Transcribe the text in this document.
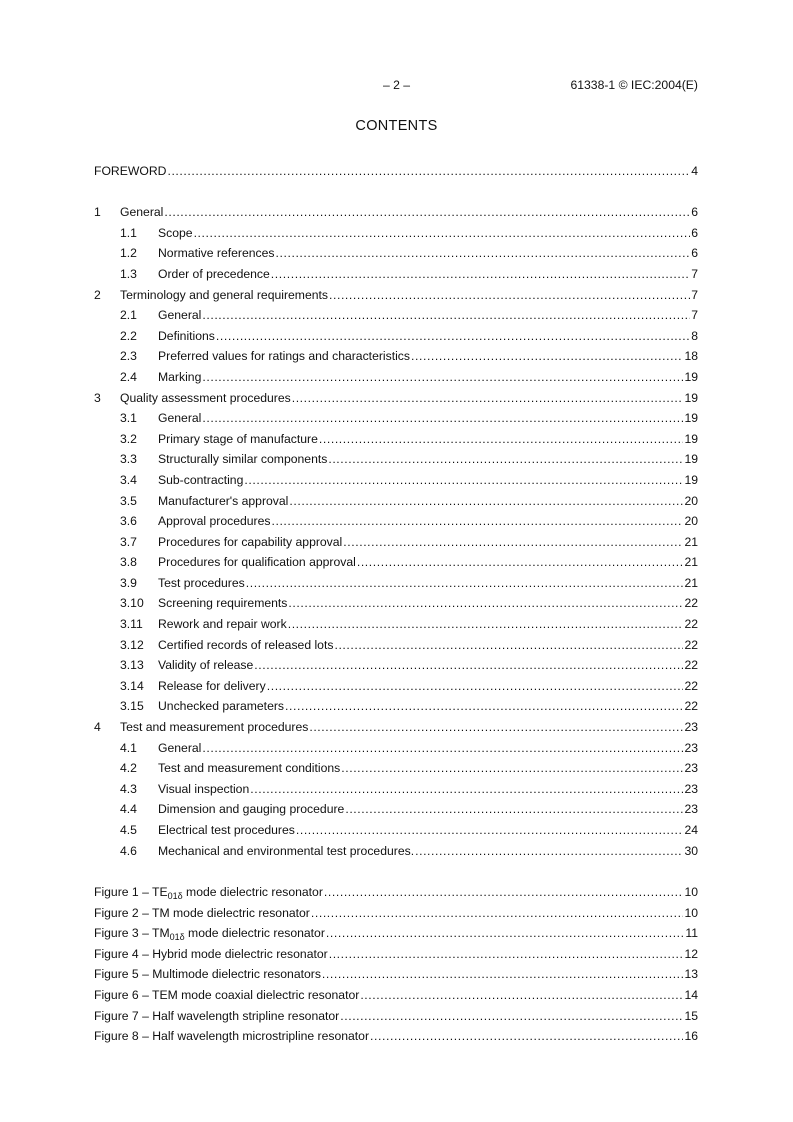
– 2 –	61338-1 © IEC:2004(E)
CONTENTS
FOREWORD .....	4
1 General .....	6
1.1 Scope .....	6
1.2 Normative references .....	6
1.3 Order of precedence .....	7
2 Terminology and general requirements .....	7
2.1 General .....	7
2.2 Definitions .....	8
2.3 Preferred values for ratings and characteristics .....	18
2.4 Marking .....	19
3 Quality assessment procedures .....	19
3.1 General .....	19
3.2 Primary stage of manufacture .....	19
3.3 Structurally similar components .....	19
3.4 Sub-contracting .....	19
3.5 Manufacturer's approval .....	20
3.6 Approval procedures .....	20
3.7 Procedures for capability approval .....	21
3.8 Procedures for qualification approval .....	21
3.9 Test procedures .....	21
3.10 Screening requirements .....	22
3.11 Rework and repair work .....	22
3.12 Certified records of released lots .....	22
3.13 Validity of release .....	22
3.14 Release for delivery .....	22
3.15 Unchecked parameters .....	22
4 Test and measurement procedures .....	23
4.1 General .....	23
4.2 Test and measurement conditions .....	23
4.3 Visual inspection .....	23
4.4 Dimension and gauging procedure .....	23
4.5 Electrical test procedures .....	24
4.6 Mechanical and environmental test procedures. .....	30
Figure $1 - TE_{01\delta}$ mode dielectric resonator .....	10
Figure 2 – TM mode dielectric resonator .....	10
Figure $3 - TM_{01\delta}$ mode dielectric resonator .....	11
Figure 4 – Hybrid mode dielectric resonator .....	12
Figure 5 – Multimode dielectric resonators .....	13
Figure 6 – TEM mode coaxial dielectric resonator .....	14
Figure 7 – Half wavelength stripline resonator .....	15
Figure 8 – Half wavelength microstripline resonator .....	16
